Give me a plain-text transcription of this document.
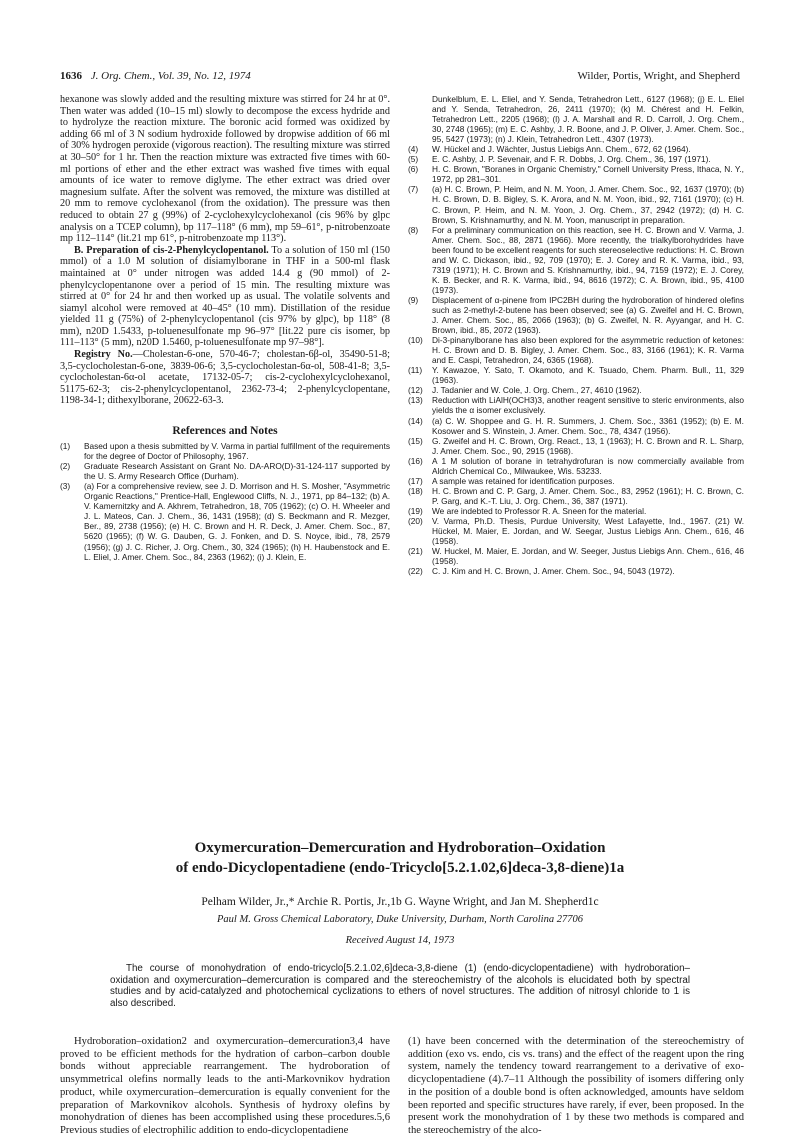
1636 J. Org. Chem., Vol. 39, No. 12, 1974	Wilder, Portis, Wright, and Shepherd

hexanone was slowly added and the resulting mixture was stirred for 24 hr at 0°. Then water was added (10–15 ml) slowly to decompose the excess hydride and to hydrolyze the reaction mixture. The boronic acid formed was oxidized by adding 66 ml of 3 N sodium hydroxide followed by dropwise addition of 66 ml of 30% hydrogen peroxide (vigorous reaction). The resulting mixture was stirred at 30–50° for 1 hr. Then the reaction mixture was extracted five times with 60-ml portions of ether and the ether extract was washed five times with equal amounts of ice water to remove diglyme. The ether extract was dried over magnesium sulfate. After the solvent was removed, the mixture was distilled at 20 mm to remove cyclohexanol (from the oxidation). The pressure was then reduced to obtain 27 g (99%) of 2-cyclohexylcyclohexanol (cis 96% by glpc analysis on a TCEP column), bp 117–118° (6 mm), mp 59–61°, p-nitrobenzoate mp 112–114° (lit.21 mp 61°, p-nitrobenzoate mp 113°).

B. Preparation of cis-2-Phenylcyclopentanol. To a solution of 150 ml (150 mmol) of a 1.0 M solution of disiamylborane in THF in a 500-ml flask maintained at 0° under nitrogen was added 14.4 g (90 mmol) of 2-phenylcyclopentanone over a period of 15 min. The resulting mixture was stirred at 0° for 24 hr and then worked up as usual. The volatile solvents and siamyl alcohol were removed at 40–45° (10 mm). Distillation of the residue yielded 11 g (75%) of 2-phenylcyclopentanol (cis 97% by glpc), bp 118° (8 mm), n20D 1.5433, p-toluenesulfonate mp 96–97° [lit.22 pure cis isomer, bp 111–113° (5 mm), n20D 1.5460, p-toluenesulfonate mp 97–98°].

Registry No.—Cholestan-6-one, 570-46-7; cholestan-6β-ol, 35490-51-8; 3,5-cyclocholestan-6-one, 3839-06-6; 3,5-cyclocholestan-6α-ol, 508-41-8; 3,5-cyclocholestan-6α-ol acetate, 17132-05-7; cis-2-cyclohexylcyclohexanol, 51175-62-3; cis-2-phenylcyclopentanol, 2362-73-4; 2-phenylcyclopentane, 1198-34-1; dithexylborane, 20622-63-3.

References and Notes
(1) Based upon a thesis submitted by V. Varma in partial fulfillment of the requirements for the degree of Doctor of Philosophy, 1967.
(2) Graduate Research Assistant on Grant No. DA-ARO(D)-31-124-117 supported by the U. S. Army Research Office (Durham).
(3) (a) For a comprehensive review, see J. D. Morrison and H. S. Mosher, "Asymmetric Organic Reactions," Prentice-Hall, Englewood Cliffs, N. J., 1971, pp 84–132; (b) A. V. Kamernitzky and A. Akhrem, Tetrahedron, 18, 705 (1962); (c) O. H. Wheeler and J. L. Mateos, Can. J. Chem., 36, 1431 (1958); (d) S. Beckmann and R. Mezger, Ber., 89, 2738 (1956); (e) H. C. Brown and H. R. Deck, J. Amer. Chem. Soc., 87, 5620 (1965); (f) W. G. Dauben, G. J. Fonken, and D. S. Noyce, ibid., 78, 2579 (1956); (g) J. C. Richer, J. Org. Chem., 30, 324 (1965); (h) H. Haubenstock and E. L. Eliel, J. Amer. Chem. Soc., 84, 2363 (1962); (i) J. Klein, E.
Dunkelblum, E. L. Eliel, and Y. Senda, Tetrahedron Lett., 6127 (1968); (j) E. L. Eliel and Y. Senda, Tetrahedron, 26, 2411 (1970); (k) M. Chérest and H. Felkin, Tetrahedron Lett., 2205 (1968); (l) J. A. Marshall and R. D. Carroll, J. Org. Chem., 30, 2748 (1965); (m) E. C. Ashby, J. R. Boone, and J. P. Oliver, J. Amer. Chem. Soc., 95, 5427 (1973); (n) J. Klein, Tetrahedron Lett., 4307 (1973).
(4) W. Hückel and J. Wächter, Justus Liebigs Ann. Chem., 672, 62 (1964).
(5) E. C. Ashby, J. P. Sevenair, and F. R. Dobbs, J. Org. Chem., 36, 197 (1971).
(6) H. C. Brown, "Boranes in Organic Chemistry," Cornell University Press, Ithaca, N. Y., 1972, pp 281–301.
(7) (a) H. C. Brown, P. Heim, and N. M. Yoon, J. Amer. Chem. Soc., 92, 1637 (1970); (b) H. C. Brown, D. B. Bigley, S. K. Arora, and N. M. Yoon, ibid., 92, 7161 (1970); (c) H. C. Brown, P. Heim, and N. M. Yoon, J. Org. Chem., 37, 2942 (1972); (d) H. C. Brown, S. Krishnamurthy, and N. M. Yoon, manuscript in preparation.
(8) For a preliminary communication on this reaction, see H. C. Brown and V. Varma, J. Amer. Chem. Soc., 88, 2871 (1966). More recently, the trialkylborohydrides have been found to be excellent reagents for such stereoselective reductions: H. C. Brown and W. C. Dickason, ibid., 92, 709 (1970); E. J. Corey and R. K. Varma, ibid., 93, 7319 (1971); H. C. Brown and S. Krishnamurthy, ibid., 94, 7159 (1972); E. J. Corey, K. B. Becker, and R. K. Varma, ibid., 94, 8616 (1972); C. A. Brown, ibid., 95, 4100 (1973).
(9) Displacement of α-pinene from IPC2BH during the hydroboration of hindered olefins such as 2-methyl-2-butene has been observed; see (a) G. Zweifel and H. C. Brown, J. Amer. Chem. Soc., 85, 2066 (1963); (b) G. Zweifel, N. R. Ayyangar, and H. C. Brown, ibid., 85, 2072 (1963).
(10) Di-3-pinanylborane has also been explored for the asymmetric reduction of ketones: H. C. Brown and D. B. Bigley, J. Amer. Chem. Soc., 83, 3166 (1961); K. R. Varma and E. Caspi, Tetrahedron, 24, 6365 (1968).
(11) Y. Kawazoe, Y. Sato, T. Okamoto, and K. Tsuado, Chem. Pharm. Bull., 11, 329 (1963).
(12) J. Tadanier and W. Cole, J. Org. Chem., 27, 4610 (1962).
(13) Reduction with LiAlH(OCH3)3, another reagent sensitive to steric environments, also yields the α isomer exclusively.
(14) (a) C. W. Shoppee and G. H. R. Summers, J. Chem. Soc., 3361 (1952); (b) E. M. Kosower and S. Winstein, J. Amer. Chem. Soc., 78, 4347 (1956).
(15) G. Zweifel and H. C. Brown, Org. React., 13, 1 (1963); H. C. Brown and R. L. Sharp, J. Amer. Chem. Soc., 90, 2915 (1968).
(16) A 1 M solution of borane in tetrahydrofuran is now commercially available from Aldrich Chemical Co., Milwaukee, Wis. 53233.
(17) A sample was retained for identification purposes.
(18) H. C. Brown and C. P. Garg, J. Amer. Chem. Soc., 83, 2952 (1961); H. C. Brown, C. P. Garg, and K.-T. Liu, J. Org. Chem., 36, 387 (1971).
(19) We are indebted to Professor R. A. Sneen for the material.
(20) V. Varma, Ph.D. Thesis, Purdue University, West Lafayette, Ind., 1967. (21) W. Hückel, M. Maier, E. Jordan, and W. Seegar, Justus Liebigs Ann. Chem., 616, 46 (1958).
(21) W. Huckel, M. Maier, E. Jordan, and W. Seeger, Justus Liebigs Ann. Chem., 616, 46 (1958).
(22) C. J. Kim and H. C. Brown, J. Amer. Chem. Soc., 94, 5043 (1972).

Oxymercuration–Demercuration and Hydroboration–Oxidation
of endo-Dicyclopentadiene (endo-Tricyclo[5.2.1.02,6]deca-3,8-diene)1a

Pelham Wilder, Jr.,* Archie R. Portis, Jr.,1b G. Wayne Wright, and Jan M. Shepherd1c
Paul M. Gross Chemical Laboratory, Duke University, Durham, North Carolina 27706
Received August 14, 1973
The course of monohydration of endo-tricyclo[5.2.1.02,6]deca-3,8-diene (1) (endo-dicyclopentadiene) with hydroboration–oxidation and oxymercuration–demercuration is compared and the stereochemistry of the alcohols is elucidated both by spectral studies and by acid-catalyzed and photochemical cyclizations to ethers of novel structures. The addition of nitrosyl chloride to 1 is also described.

Hydroboration–oxidation2 and oxymercuration–demercuration3,4 have proved to be efficient methods for the hydration of carbon–carbon double bonds without appreciable rearrangement. The hydroboration of unsymmetrical olefins normally leads to the anti-Markovnikov hydration product, while oxymercuration–demercuration is equally convenient for the preparation of Markovnikov alcohols. Synthesis of hydroxy olefins by monohydration of dienes has been accomplished using these procedures.5,6 Previous studies of electrophilic addition to endo-dicyclopentadiene

(1) have been concerned with the determination of the stereochemistry of addition (exo vs. endo, cis vs. trans) and the effect of the reagent upon the ring system, namely the tendency toward rearrangement to a derivative of exo-dicyclopentadiene (4).7–11 Although the possibility of isomers differing only in the position of a double bond is often acknowledged, amounts have seldom been reported and specific structures have rarely, if ever, been proposed. In the present work the monohydration of 1 by these two methods is compared and the stereochemistry of the alco-
